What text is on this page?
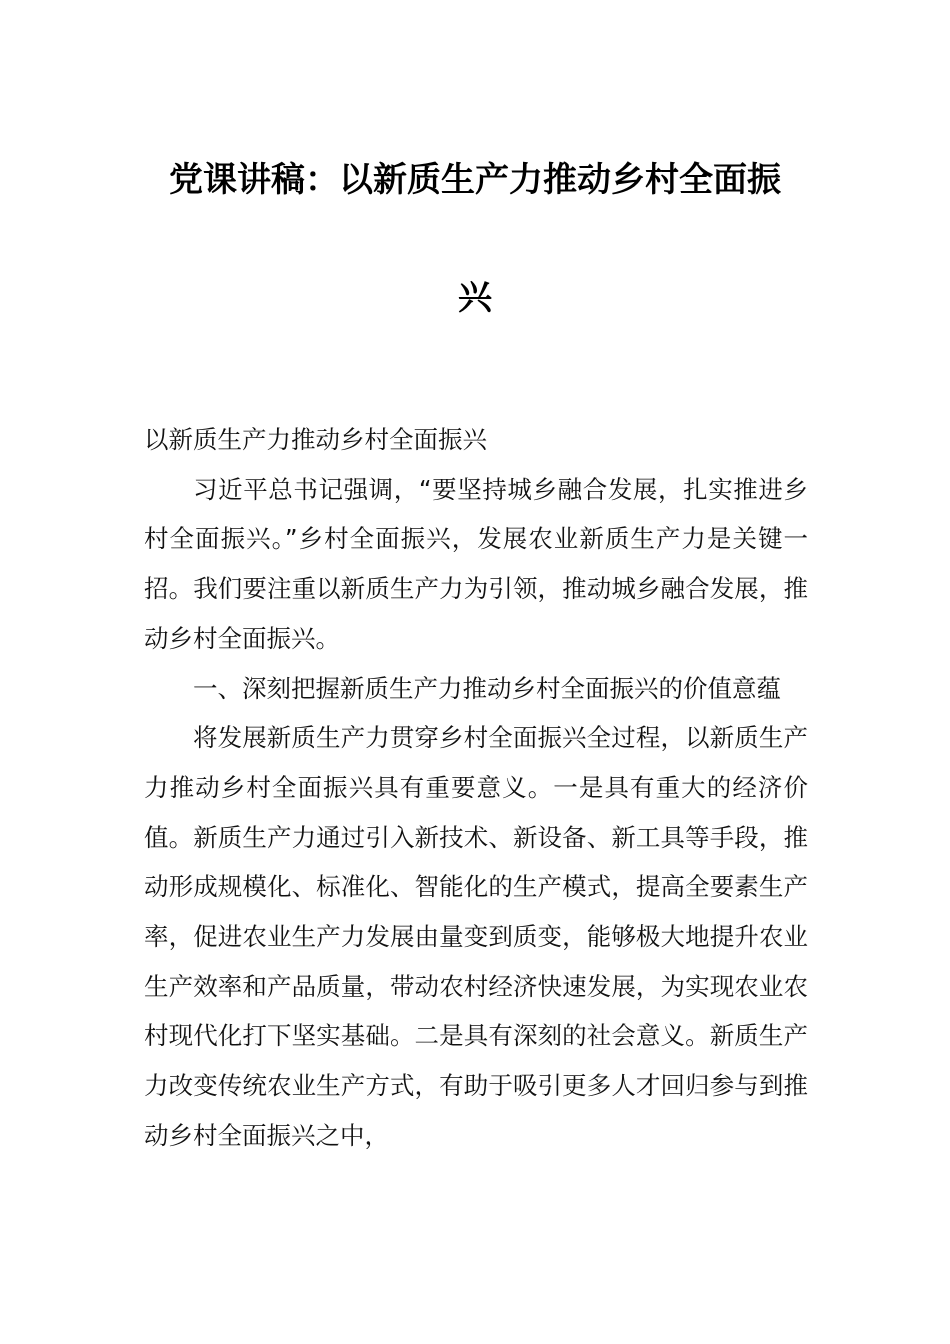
党课讲稿：以新质生产力推动乡村全面振
兴

以新质生产力推动乡村全面振兴

习近平总书记强调，“要坚持城乡融合发展，扎实推进乡村全面振兴。”乡村全面振兴，发展农业新质生产力是关键一招。我们要注重以新质生产力为引领，推动城乡融合发展，推动乡村全面振兴。

一、深刻把握新质生产力推动乡村全面振兴的价值意蕴

将发展新质生产力贯穿乡村全面振兴全过程，以新质生产力推动乡村全面振兴具有重要意义。一是具有重大的经济价值。新质生产力通过引入新技术、新设备、新工具等手段，推动形成规模化、标准化、智能化的生产模式，提高全要素生产率，促进农业生产力发展由量变到质变，能够极大地提升农业生产效率和产品质量，带动农村经济快速发展，为实现农业农村现代化打下坚实基础。二是具有深刻的社会意义。新质生产力改变传统农业生产方式，有助于吸引更多人才回归参与到推动乡村全面振兴之中，
